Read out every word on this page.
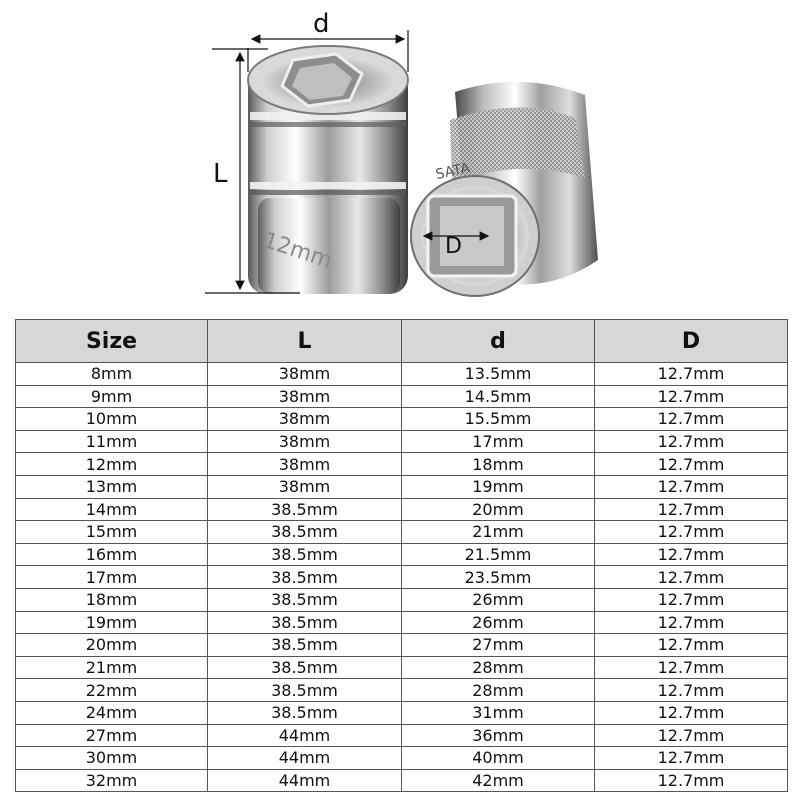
12mm
SATA
d
L
D
Size	L	d	D
8mm	38mm	13.5mm	12.7mm
9mm	38mm	14.5mm	12.7mm
10mm	38mm	15.5mm	12.7mm
11mm	38mm	17mm	12.7mm
12mm	38mm	18mm	12.7mm
13mm	38mm	19mm	12.7mm
14mm	38.5mm	20mm	12.7mm
15mm	38.5mm	21mm	12.7mm
16mm	38.5mm	21.5mm	12.7mm
17mm	38.5mm	23.5mm	12.7mm
18mm	38.5mm	26mm	12.7mm
19mm	38.5mm	26mm	12.7mm
20mm	38.5mm	27mm	12.7mm
21mm	38.5mm	28mm	12.7mm
22mm	38.5mm	28mm	12.7mm
24mm	38.5mm	31mm	12.7mm
27mm	44mm	36mm	12.7mm
30mm	44mm	40mm	12.7mm
32mm	44mm	42mm	12.7mm
